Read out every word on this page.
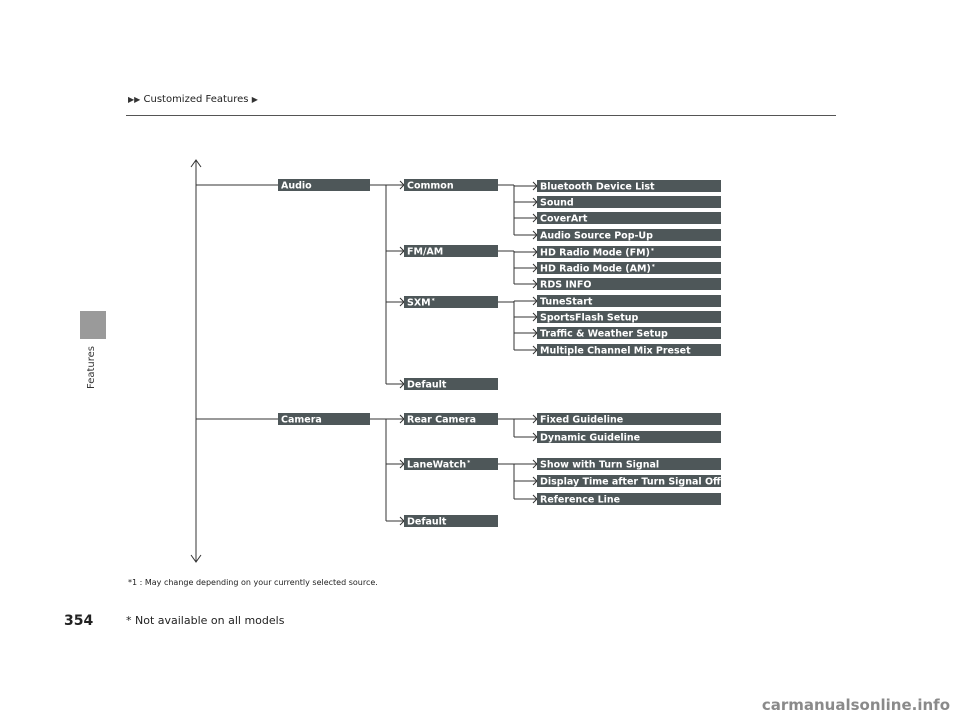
Features
▶▶ Customized Features ▶
Audio	Common	Bluetooth Device List
Sound
CoverArt
Audio Source Pop-Up
FM/AM	HD Radio Mode (FM)*
HD Radio Mode (AM)*
RDS INFO
SXM*	TuneStart
SportsFlash Setup
Traffic & Weather Setup
Multiple Channel Mix Preset
Default
Camera	Rear Camera	Fixed Guideline
Dynamic Guideline
LaneWatch*	Show with Turn Signal
Display Time after Turn Signal Off
Reference Line
Default
*1 : May change depending on your currently selected source.
354	* Not available on all models
carmanualsonline.info
